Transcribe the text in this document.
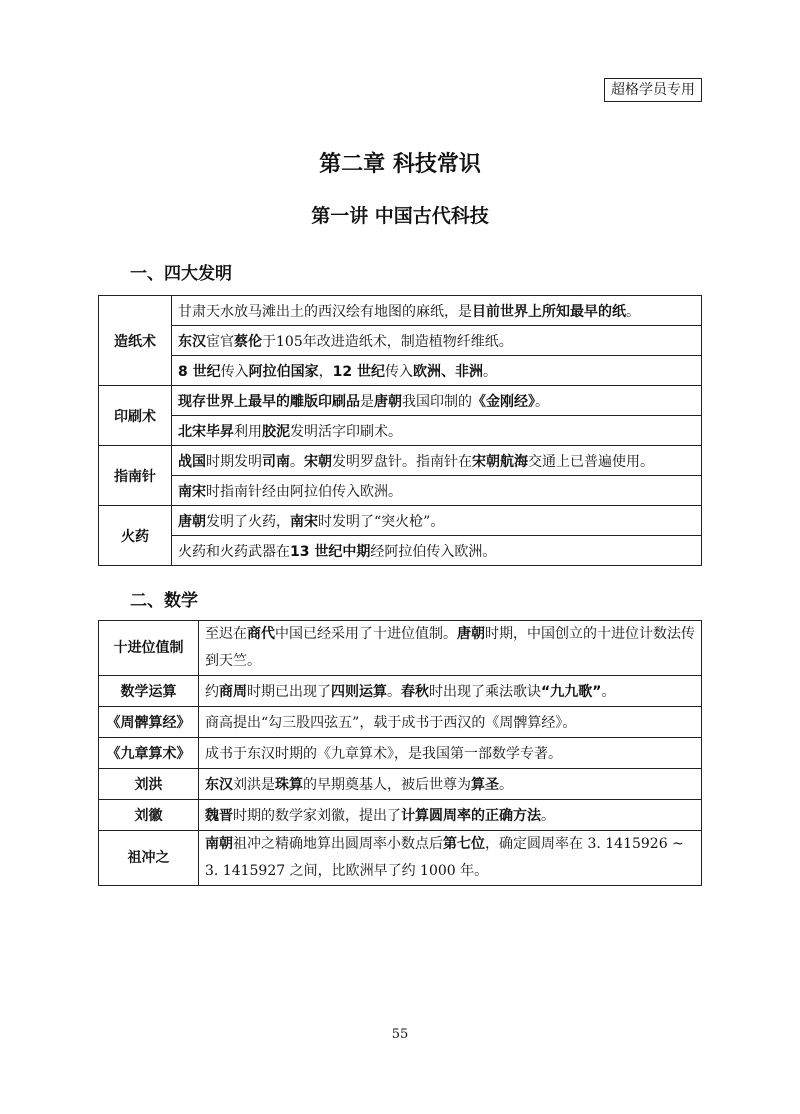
超格学员专用
第二章 科技常识
第一讲 中国古代科技
一、四大发明
造纸术	甘肃天水放马滩出土的西汉绘有地图的麻纸，是目前世界上所知最早的纸。
	东汉宦官蔡伦于105年改进造纸术，制造植物纤维纸。
	8 世纪传入阿拉伯国家，12 世纪传入欧洲、非洲。
印刷术	现存世界上最早的雕版印刷品是唐朝我国印制的《金刚经》。
	北宋毕昇利用胶泥发明活字印刷术。
指南针	战国时期发明司南。宋朝发明罗盘针。指南针在宋朝航海交通上已普遍使用。
	南宋时指南针经由阿拉伯传入欧洲。
火药	唐朝发明了火药，南宋时发明了“突火枪”。
	火药和火药武器在13 世纪中期经阿拉伯传入欧洲。
二、数学
十进位值制	至迟在商代中国已经采用了十进位值制。唐朝时期，中国创立的十进位计数法传到天竺。
数学运算	约商周时期已出现了四则运算。春秋时出现了乘法歌诀“九九歌”。
《周髀算经》	商高提出“勾三股四弦五”，载于成书于西汉的《周髀算经》。
《九章算术》	成书于东汉时期的《九章算术》，是我国第一部数学专著。
刘洪	东汉刘洪是珠算的早期奠基人，被后世尊为算圣。
刘徽	魏晋时期的数学家刘徽，提出了计算圆周率的正确方法。
祖冲之	南朝祖冲之精确地算出圆周率小数点后第七位，确定圆周率在 3. 1415926 ~ 3. 1415927 之间，比欧洲早了约 1000 年。
55
